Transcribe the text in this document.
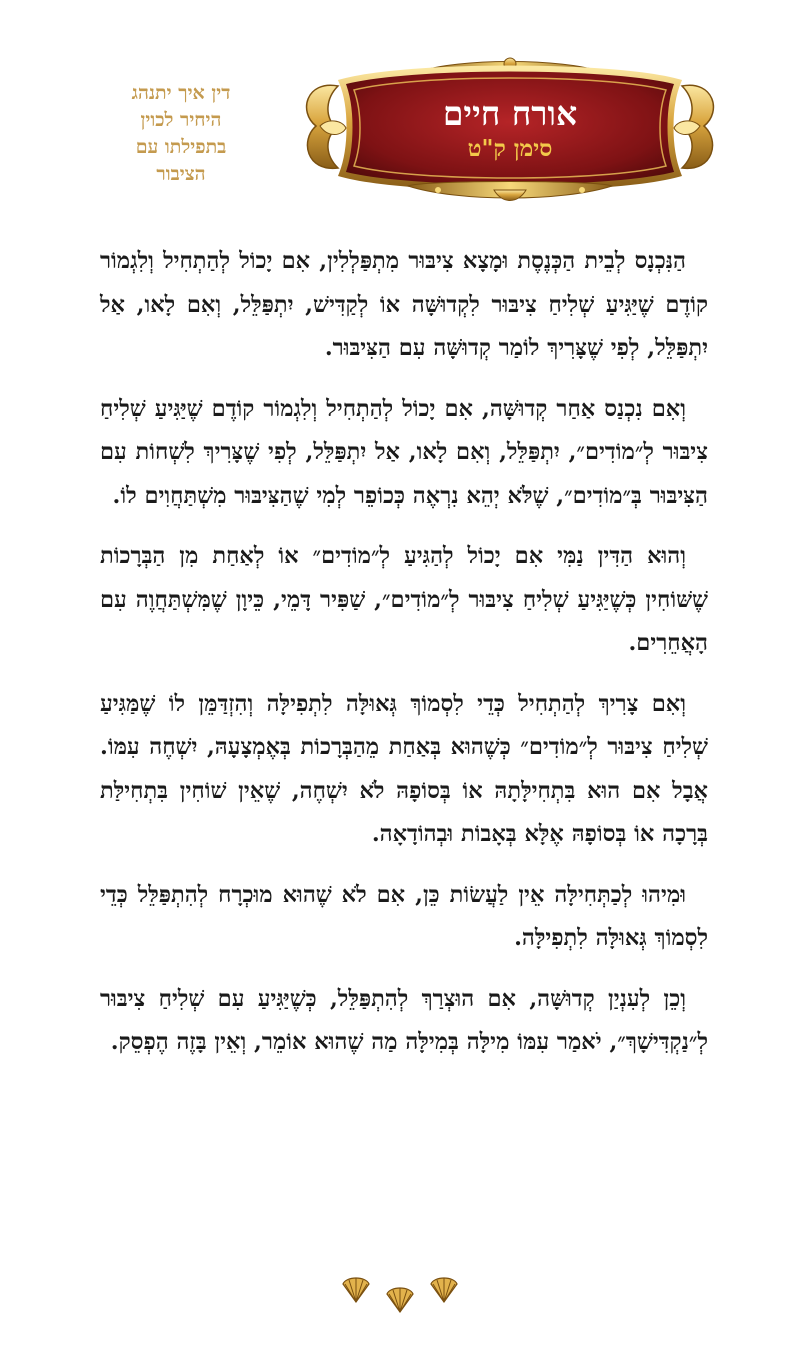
דין איך יתנהג
היחיר לכוין
בתפילתו עם
הציבור
אורח חיים
סימן ק"ט

הַנִּכְנָס לְבֵית הַכְּנֶסֶת וּמָצָא צִיבּוּר מִתְפַּלְלִין, אִם יָכוֹל לְהַתְחִיל וְלִגְמוֹר קוֹדֶם שֶׁיַּגִּיעַ שְׁלִיחַ צִיבּוּר לִקְדוּשָּׁה אוֹ לְקַדִּישׁ, יִתְפַּלֵּל, וְאִם לָאו, אַל יִתְפַּלֵּל, לְפִי שֶׁצָּרִיךְ לוֹמַר קְדוּשָּׁה עִם הַצִּיבּוּר.

וְאִם נִכְנַס אַחַר קְדוּשָּׁה, אִם יָכוֹל לְהַתְחִיל וְלִגְמוֹר קוֹדֶם שֶׁיַּגִּיעַ שְׁלִיחַ צִיבּוּר לְ״מוֹדִים״, יִתְפַּלֵּל, וְאִם לָאו, אַל יִתְפַּלֵּל, לְפִי שֶׁצָּרִיךְ לִשְׁחוֹת עִם הַצִּיבּוּר בְּ״מוֹדִים״, שֶׁלֹּא יְהֵא נִרְאֶה כְּכוֹפֵר לְמִי שֶׁהַצִּיבּוּר מִשְׁתַּחֲוִים לוֹ.

וְהוּא הַדִּין נַמִּי אִם יָכוֹל לְהַגִּיעַ לְ״מוֹדִים״ אוֹ לְאַחַת מִן הַבְּרָכוֹת שֶׁשּׁוֹחִין כְּשֶׁיַּגִּיעַ שְׁלִיחַ צִיבּוּר לְ״מוֹדִים״, שַׁפִּיר דָּמֵי, כֵּיוָן שֶׁמִּשְׁתַּחֲוֶה עִם הָאֲחֵרִים.

וְאִם צָרִיךְ לְהַתְחִיל כְּדֵי לִסְמוֹךְ גְּאוּלָּה לִתְפִילָּה וְהִזְדַּמֵּן לוֹ שֶׁמַּגִּיעַ שְׁלִיחַ צִיבּוּר לְ״מוֹדִים״ כְּשֶׁהוּא בְּאַחַת מֵהַבְּרָכוֹת בְּאֶמְצָעָהּ, יִשְׁחֶה עִמּוֹ. אֲבָל אִם הוּא בִּתְחִילָּתָהּ אוֹ בְּסוֹפָהּ לֹא יִשְׁחֶה, שֶׁאֵין שׁוֹחִין בִּתְחִילַּת בְּרָכָה אוֹ בְּסוֹפָהּ אֶלָּא בְּאָבוֹת וּבְהוֹדָאָה.

וּמִיהוּ לְכַתְּחִילָּה אֵין לַעֲשׂוֹת כֵּן, אִם לֹא שֶׁהוּא מוּכְרָח לְהִתְפַּלֵּל כְּדֵי לִסְמוֹךְ גְּאוּלָּה לִתְפִילָּה.

וְכֵן לְעִנְיַן קְדוּשָּׁה, אִם הוּצְרַךְ לְהִתְפַּלֵּל, כְּשֶׁיַּגִּיעַ עִם שְׁלִיחַ צִיבּוּר לְ״נַקְדִּישָׁךְ״, יֹאמַר עִמּוֹ מִילָּה בְּמִילָּה מַה שֶׁהוּא אוֹמֵר, וְאֵין בָּזֶה הֶפְסֵק.
